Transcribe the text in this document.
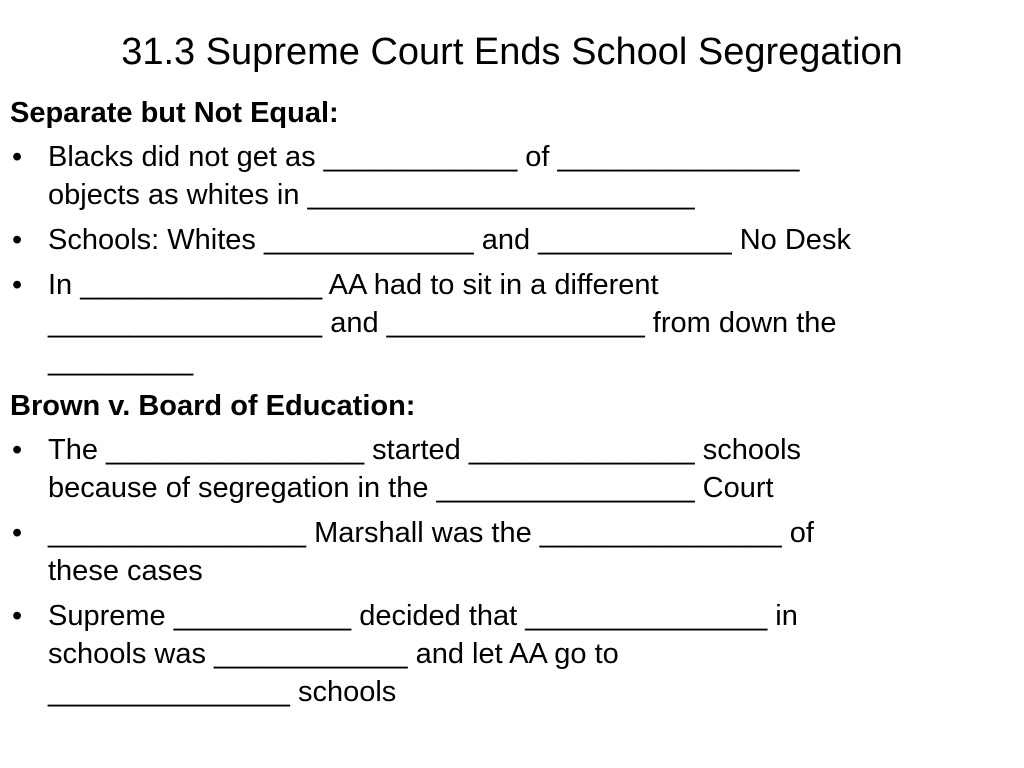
31.3 Supreme Court Ends School Segregation
Separate but Not Equal:
• Blacks did not get as ____________ of _______________
objects as whites in ________________________
• Schools: Whites _____________ and ____________ No Desk
• In _______________ AA had to sit in a different
_________________ and ________________ from down the
_________
Brown v. Board of Education:
• The ________________ started ______________ schools
because of segregation in the ________________ Court
• ________________ Marshall was the _______________ of
these cases
• Supreme ___________ decided that _______________ in
schools was ____________ and let AA go to
_______________ schools
